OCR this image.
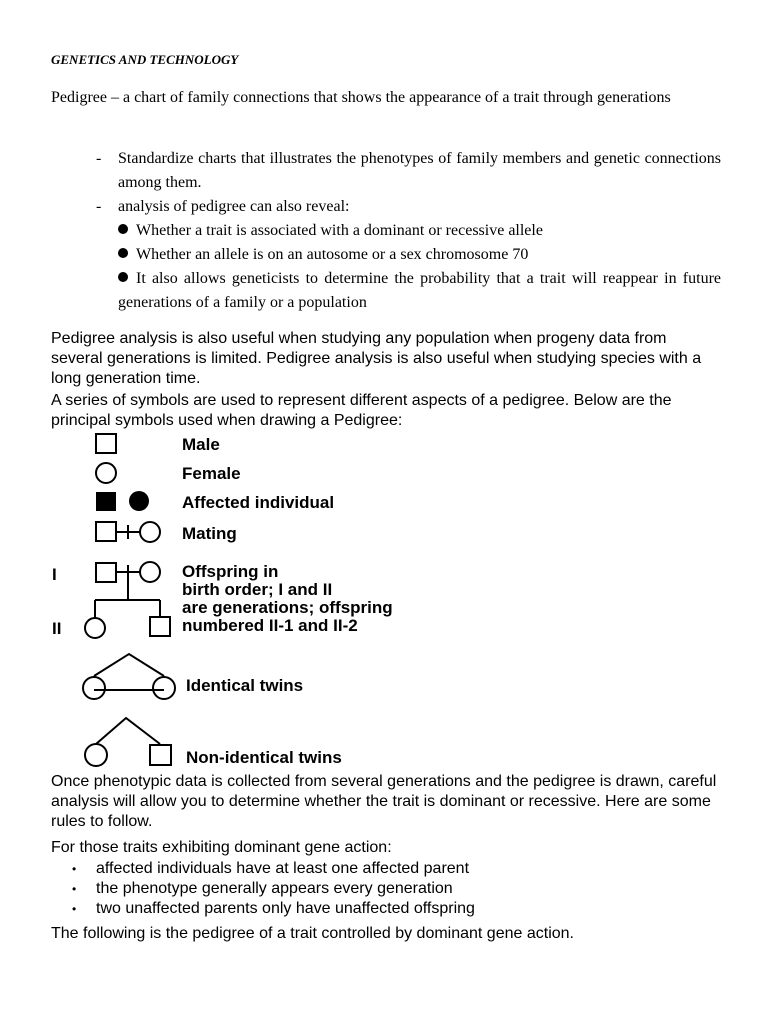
GENETICS AND TECHNOLOGY
Pedigree – a chart of family connections that shows the appearance of a trait through generations
- Standardize charts that illustrates the phenotypes of family members and genetic connections among them.
- analysis of pedigree can also reveal:
Whether a trait is associated with a dominant or recessive allele
Whether an allele is on an autosome or a sex chromosome 70
It also allows geneticists to determine the probability that a trait will reappear in future generations of a family or a population
Pedigree analysis is also useful when studying any population when progeny data from several generations is limited. Pedigree analysis is also useful when studying species with a long generation time.
A series of symbols are used to represent different aspects of a pedigree. Below are the principal symbols used when drawing a Pedigree:
Male
Female
Affected individual
Mating
Offspring in
birth order; I and II
are generations; offspring
numbered II-1 and II-2
I
II
Identical twins
Non-identical twins
Once phenotypic data is collected from several generations and the pedigree is drawn, careful analysis will allow you to determine whether the trait is dominant or recessive. Here are some rules to follow.
For those traits exhibiting dominant gene action:
• affected individuals have at least one affected parent
• the phenotype generally appears every generation
• two unaffected parents only have unaffected offspring
The following is the pedigree of a trait controlled by dominant gene action.
